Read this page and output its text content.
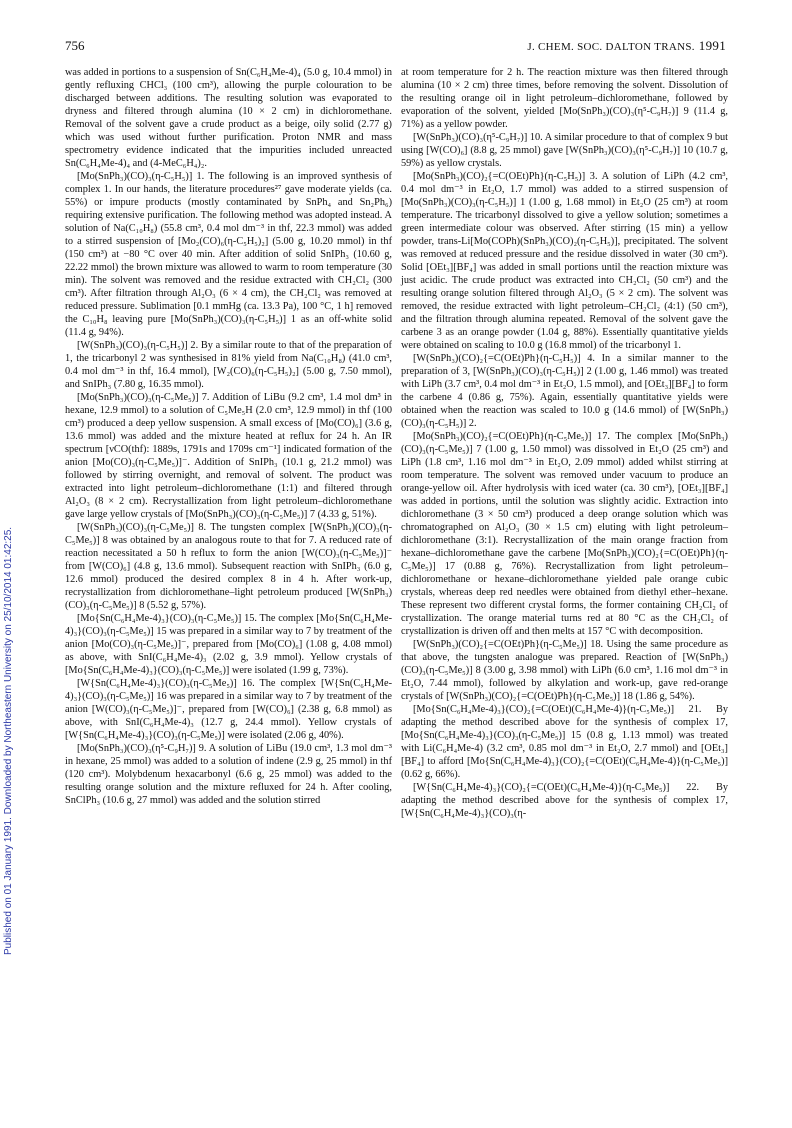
756	J. CHEM. SOC. DALTON TRANS. 1991
Published on 01 January 1991. Downloaded by Northeastern University on 25/10/2014 01:42:25.

was added in portions to a suspension of Sn(C₆H₄Me-4)₄ (5.0 g, 10.4 mmol) in gently refluxing CHCl₃ (100 cm³), allowing the purple colouration to be discharged between additions. The resulting solution was evaporated to dryness and filtered through alumina (10 × 2 cm) in dichloromethane. Removal of the solvent gave a crude product as a beige, oily solid (2.77 g) which was used without further purification. Proton NMR and mass spectrometry evidence indicated that the impurities included unreacted Sn(C₆H₄Me-4)₄ and (4-MeC₆H₄)₂.

[Mo(SnPh₃)(CO)₃(η-C₅H₅)] 1. The following is an improved synthesis of complex 1. In our hands, the literature procedures²⁷ gave moderate yields (ca. 55%) or impure products (mostly contaminated by SnPh₄ and Sn₂Ph₆) requiring extensive purification. The following method was adopted instead. A solution of Na(C₁₀H₈) (55.8 cm³, 0.4 mol dm⁻³ in thf, 22.3 mmol) was added to a stirred suspension of [Mo₂(CO)₆(η-C₅H₅)₂] (5.00 g, 10.20 mmol) in thf (150 cm³) at −80 °C over 40 min. After addition of solid SnIPh₃ (10.60 g, 22.22 mmol) the brown mixture was allowed to warm to room temperature (30 min). The solvent was removed and the residue extracted with CH₂Cl₂ (300 cm³). After filtration through Al₂O₃ (6 × 4 cm), the CH₂Cl₂ was removed at reduced pressure. Sublimation [0.1 mmHg (ca. 13.3 Pa), 100 °C, 1 h] removed the C₁₀H₈ leaving pure [Mo(SnPh₃)(CO)₃(η-C₅H₅)] 1 as an off-white solid (11.4 g, 94%).

[W(SnPh₃)(CO)₃(η-C₅H₅)] 2. By a similar route to that of the preparation of 1, the tricarbonyl 2 was synthesised in 81% yield from Na(C₁₀H₈) (41.0 cm³, 0.4 mol dm⁻³ in thf, 16.4 mmol), [W₂(CO)₆(η-C₅H₅)₂] (5.00 g, 7.50 mmol), and SnIPh₃ (7.80 g, 16.35 mmol).

[Mo(SnPh₃)(CO)₃(η-C₅Me₅)] 7. Addition of LiBu (9.2 cm³, 1.4 mol dm³ in hexane, 12.9 mmol) to a solution of C₅Me₅H (2.0 cm³, 12.9 mmol) in thf (100 cm³) produced a deep yellow suspension. A small excess of [Mo(CO)₆] (3.6 g, 13.6 mmol) was added and the mixture heated at reflux for 24 h. An IR spectrum [νCO(thf): 1889s, 1791s and 1709s cm⁻¹] indicated formation of the anion [Mo(CO)₃(η-C₅Me₅)]⁻. Addition of SnIPh₃ (10.1 g, 21.2 mmol) was followed by stirring overnight, and removal of solvent. The product was extracted into light petroleum–dichloromethane (1:1) and filtered through Al₂O₃ (8 × 2 cm). Recrystallization from light petroleum–dichloromethane gave large yellow crystals of [Mo(SnPh₃)(CO)₃(η-C₅Me₅)] 7 (4.33 g, 51%).

[W(SnPh₃)(CO)₃(η-C₅Me₅)] 8. The tungsten complex [W(SnPh₃)(CO)₃(η-C₅Me₅)] 8 was obtained by an analogous route to that for 7. A reduced rate of reaction necessitated a 50 h reflux to form the anion [W(CO)₃(η-C₅Me₅)]⁻ from [W(CO)₆] (4.8 g, 13.6 mmol). Subsequent reaction with SnIPh₃ (6.0 g, 12.6 mmol) produced the desired complex 8 in 4 h. After work-up, recrystallization from dichloromethane–light petroleum produced [W(SnPh₃)(CO)₃(η-C₅Me₅)] 8 (5.52 g, 57%).

[Mo{Sn(C₆H₄Me-4)₃}(CO)₃(η-C₅Me₅)] 15. The complex [Mo{Sn(C₆H₄Me-4)₃}(CO)₃(η-C₅Me₅)] 15 was prepared in a similar way to 7 by treatment of the anion [Mo(CO)₃(η-C₅Me₅)]⁻, prepared from [Mo(CO)₆] (1.08 g, 4.08 mmol) as above, with SnI(C₆H₄Me-4)₃ (2.02 g, 3.9 mmol). Yellow crystals of [Mo{Sn(C₆H₄Me-4)₃}(CO)₃(η-C₅Me₅)] were isolated (1.99 g, 73%).

[W{Sn(C₆H₄Me-4)₃}(CO)₃(η-C₅Me₅)] 16. The complex [W{Sn(C₆H₄Me-4)₃}(CO)₃(η-C₅Me₅)] 16 was prepared in a similar way to 7 by treatment of the anion [W(CO)₃(η-C₅Me₅)]⁻, prepared from [W(CO)₆] (2.38 g, 6.8 mmol) as above, with SnI(C₆H₄Me-4)₃ (12.7 g, 24.4 mmol). Yellow crystals of [W{Sn(C₆H₄Me-4)₃}(CO)₃(η-C₅Me₅)] were isolated (2.06 g, 40%).

[Mo(SnPh₃)(CO)₃(η⁵-C₉H₇)] 9. A solution of LiBu (19.0 cm³, 1.3 mol dm⁻³ in hexane, 25 mmol) was added to a solution of indene (2.9 g, 25 mmol) in thf (120 cm³). Molybdenum hexacarbonyl (6.6 g, 25 mmol) was added to the resulting orange solution and the mixture refluxed for 24 h. After cooling, SnClPh₃ (10.6 g, 27 mmol) was added and the solution stirred

at room temperature for 2 h. The reaction mixture was then filtered through alumina (10 × 2 cm) three times, before removing the solvent. Dissolution of the resulting orange oil in light petroleum–dichloromethane, followed by evaporation of the solvent, yielded [Mo(SnPh₃)(CO)₃(η⁵-C₉H₇)] 9 (11.4 g, 71%) as a yellow powder.

[W(SnPh₃)(CO)₃(η⁵-C₉H₇)] 10. A similar procedure to that of complex 9 but using [W(CO)₆] (8.8 g, 25 mmol) gave [W(SnPh₃)(CO)₃(η⁵-C₉H₇)] 10 (10.7 g, 59%) as yellow crystals.

[Mo(SnPh₃)(CO)₂{=C(OEt)Ph}(η-C₅H₅)] 3. A solution of LiPh (4.2 cm³, 0.4 mol dm⁻³ in Et₂O, 1.7 mmol) was added to a stirred suspension of [Mo(SnPh₃)(CO)₃(η-C₅H₅)] 1 (1.00 g, 1.68 mmol) in Et₂O (25 cm³) at room temperature. The tricarbonyl dissolved to give a yellow solution; sometimes a green intermediate colour was observed. After stirring (15 min) a yellow powder, trans-Li[Mo(COPh)(SnPh₃)(CO)₂(η-C₅H₅)], precipitated. The solvent was removed at reduced pressure and the residue dissolved in water (30 cm³). Solid [OEt₃][BF₄] was added in small portions until the reaction mixture was just acidic. The crude product was extracted into CH₂Cl₂ (50 cm³) and the resulting orange solution filtered through Al₂O₃ (5 × 2 cm). The solvent was removed, the residue extracted with light petroleum–CH₂Cl₂ (4:1) (50 cm³), and the filtration through alumina repeated. Removal of the solvent gave the carbene 3 as an orange powder (1.04 g, 88%). Essentially quantitative yields were obtained on scaling to 10.0 g (16.8 mmol) of the tricarbonyl 1.

[W(SnPh₃)(CO)₂{=C(OEt)Ph}(η-C₅H₅)] 4. In a similar manner to the preparation of 3, [W(SnPh₃)(CO)₃(η-C₅H₅)] 2 (1.00 g, 1.46 mmol) was treated with LiPh (3.7 cm³, 0.4 mol dm⁻³ in Et₂O, 1.5 mmol), and [OEt₃][BF₄] to form the carbene 4 (0.86 g, 75%). Again, essentially quantitative yields were obtained when the reaction was scaled to 10.0 g (14.6 mmol) of [W(SnPh₃)(CO)₃(η-C₅H₅)] 2.

[Mo(SnPh₃)(CO)₂{=C(OEt)Ph}(η-C₅Me₅)] 17. The complex [Mo(SnPh₃)(CO)₃(η-C₅Me₅)] 7 (1.00 g, 1.50 mmol) was dissolved in Et₂O (25 cm³) and LiPh (1.8 cm³, 1.16 mol dm⁻³ in Et₂O, 2.09 mmol) added whilst stirring at room temperature. The solvent was removed under vacuum to produce an orange-yellow oil. After hydrolysis with iced water (ca. 30 cm³), [OEt₃][BF₄] was added in portions, until the solution was slightly acidic. Extraction into dichloromethane (3 × 50 cm³) produced a deep orange solution which was chromatographed on Al₂O₃ (30 × 1.5 cm) eluting with light petroleum–dichloromethane (3:1). Recrystallization of the main orange fraction from hexane–dichloromethane gave the carbene [Mo(SnPh₃)(CO)₂{=C(OEt)Ph}(η-C₅Me₅)] 17 (0.88 g, 76%). Recrystallization from light petroleum–dichloromethane or hexane–dichloromethane yielded pale orange cubic crystals, whereas deep red needles were obtained from diethyl ether–hexane. These represent two different crystal forms, the former containing CH₂Cl₂ of crystallization. The orange material turns red at 80 °C as the CH₂Cl₂ of crystallization is driven off and then melts at 157 °C with decomposition.

[W(SnPh₃)(CO)₂{=C(OEt)Ph}(η-C₅Me₅)] 18. Using the same procedure as that above, the tungsten analogue was prepared. Reaction of [W(SnPh₃)(CO)₃(η-C₅Me₅)] 8 (3.00 g, 3.98 mmol) with LiPh (6.0 cm³, 1.16 mol dm⁻³ in Et₂O, 7.44 mmol), followed by alkylation and work-up, gave red-orange crystals of [W(SnPh₃)(CO)₂{=C(OEt)Ph}(η-C₅Me₅)] 18 (1.86 g, 54%).

[Mo{Sn(C₆H₄Me-4)₃}(CO)₂{=C(OEt)(C₆H₄Me-4)}(η-C₅Me₅)] 21. By adapting the method described above for the synthesis of complex 17, [Mo{Sn(C₆H₄Me-4)₃}(CO)₃(η-C₅Me₅)] 15 (0.8 g, 1.13 mmol) was treated with Li(C₆H₄Me-4) (3.2 cm³, 0.85 mol dm⁻³ in Et₂O, 2.7 mmol) and [OEt₃][BF₄] to afford [Mo{Sn(C₆H₄Me-4)₃}(CO)₂{=C(OEt)(C₆H₄Me-4)}(η-C₅Me₅)] (0.62 g, 66%).

[W{Sn(C₆H₄Me-4)₃}(CO)₂{=C(OEt)(C₆H₄Me-4)}(η-C₅Me₅)] 22. By adapting the method described above for the synthesis of complex 17, [W{Sn(C₆H₄Me-4)₃}(CO)₃(η-
